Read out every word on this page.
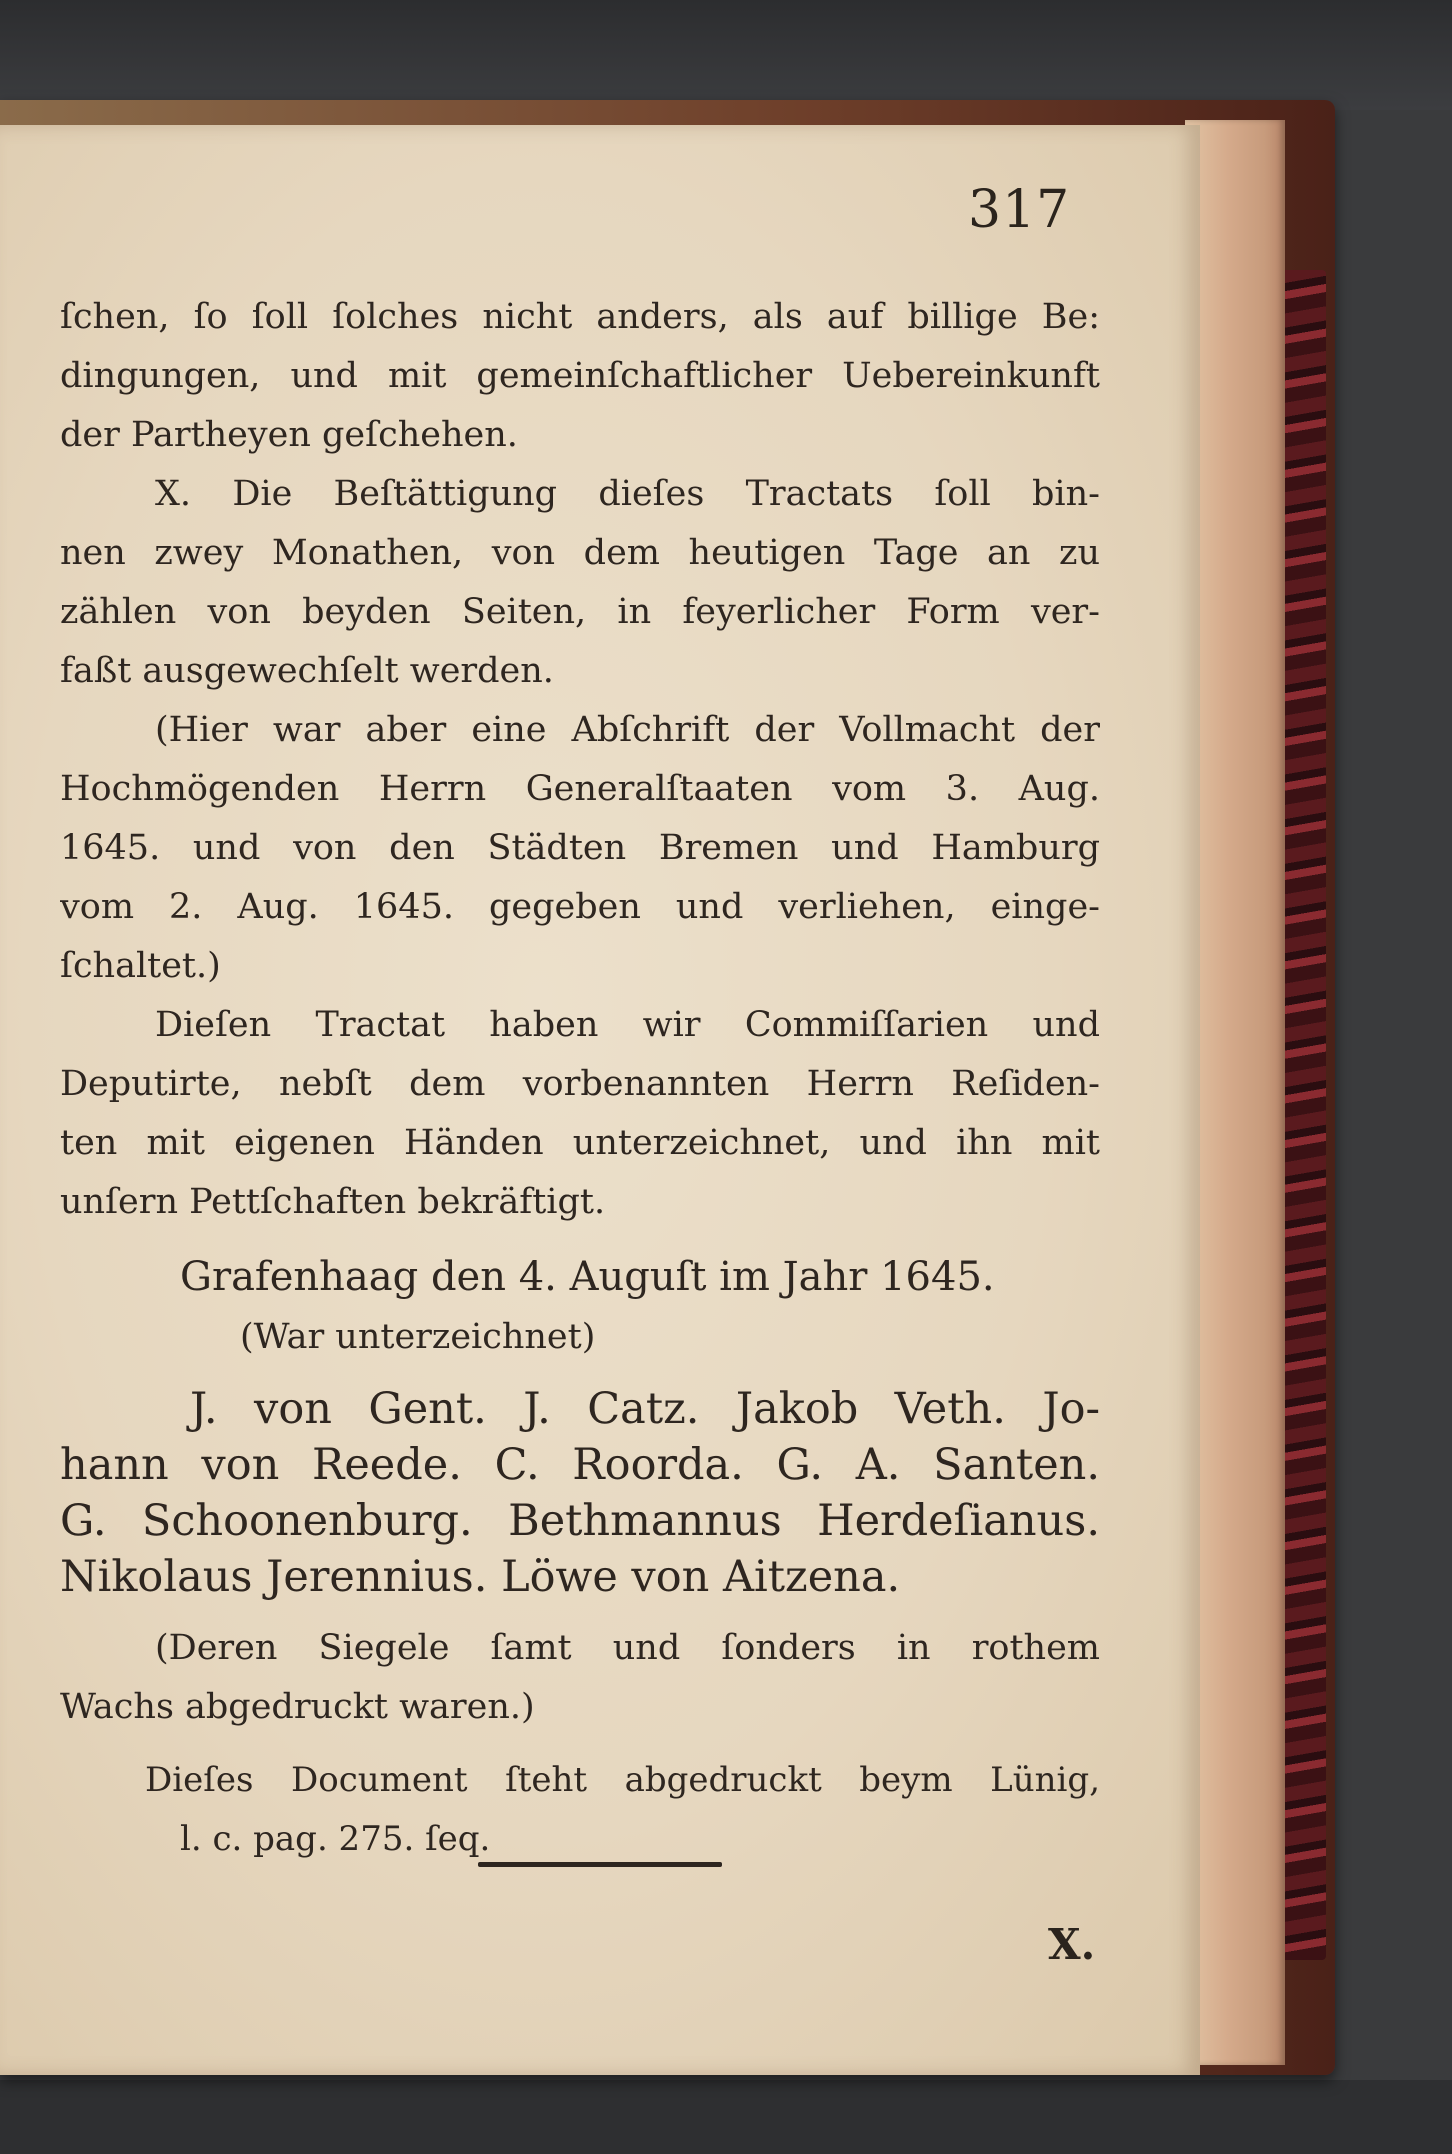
317
ſchen, ſo ſoll ſolches nicht anders, als auf billige Be:
dingungen, und mit gemeinſchaftlicher Uebereinkunft
der Partheyen geſchehen.
X. Die Beſtättigung dieſes Tractats ſoll bin-
nen zwey Monathen, von dem heutigen Tage an zu
zählen von beyden Seiten, in feyerlicher Form ver-
faßt ausgewechſelt werden.
(Hier war aber eine Abſchrift der Vollmacht der
Hochmögenden Herrn Generalſtaaten vom 3. Aug.
1645. und von den Städten Bremen und Hamburg
vom 2. Aug. 1645. gegeben und verliehen, einge-
ſchaltet.)
Dieſen Tractat haben wir Commiſſarien und
Deputirte, nebſt dem vorbenannten Herrn Reſiden-
ten mit eigenen Händen unterzeichnet, und ihn mit
unſern Pettſchaften bekräftigt.
Grafenhaag den 4. Auguſt im Jahr 1645.
(War unterzeichnet)
J. von Gent. J. Catz. Jakob Veth. Jo-
hann von Reede. C. Roorda. G. A. Santen.
G. Schoonenburg. Bethmannus Herdeſianus.
Nikolaus Jerennius. Löwe von Aitzena.
(Deren Siegele ſamt und ſonders in rothem
Wachs abgedruckt waren.)
Dieſes Document ſteht abgedruckt beym Lünig,
l. c. pag. 275. ſeq.
X.
